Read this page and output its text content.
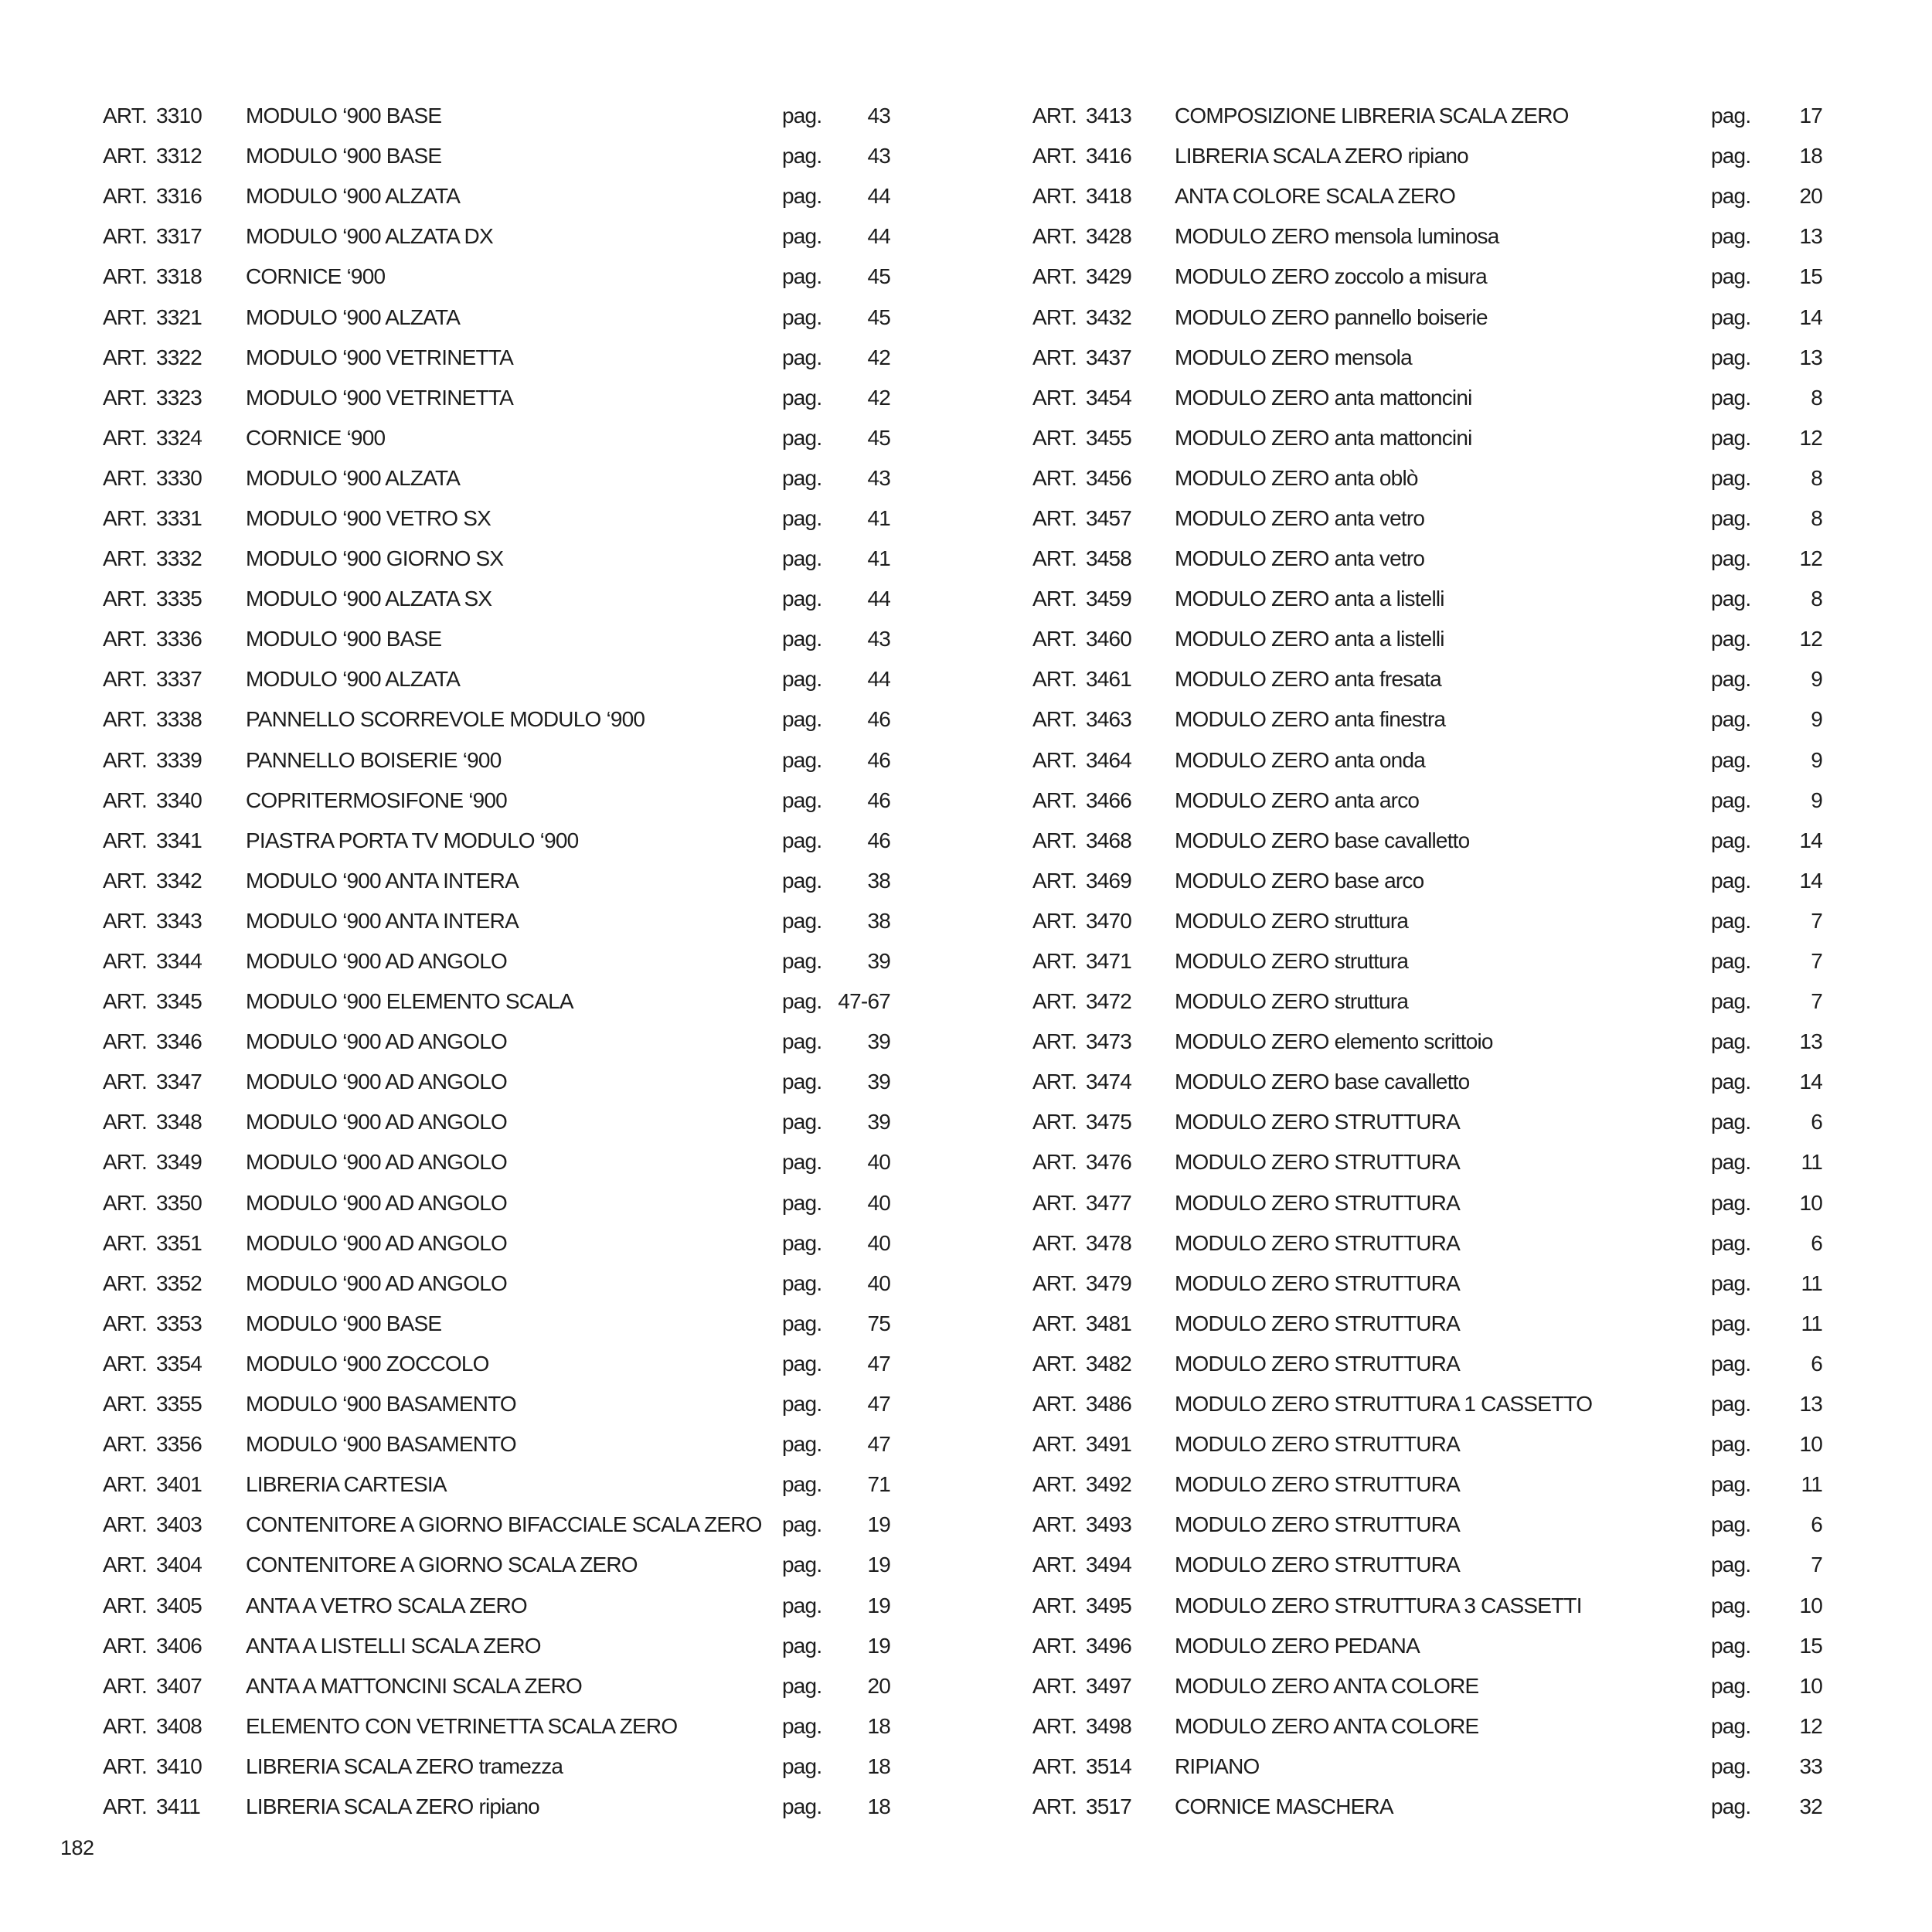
ART. 3310	MODULO ‘900 BASE	pag.	43
ART. 3312	MODULO ‘900 BASE	pag.	43
ART. 3316	MODULO ‘900 ALZATA	pag.	44
ART. 3317	MODULO ‘900 ALZATA DX	pag.	44
ART. 3318	CORNICE ‘900	pag.	45
ART. 3321	MODULO ‘900 ALZATA	pag.	45
ART. 3322	MODULO ‘900 VETRINETTA	pag.	42
ART. 3323	MODULO ‘900 VETRINETTA	pag.	42
ART. 3324	CORNICE ‘900	pag.	45
ART. 3330	MODULO ‘900 ALZATA	pag.	43
ART. 3331	MODULO ‘900 VETRO SX	pag.	41
ART. 3332	MODULO ‘900 GIORNO SX	pag.	41
ART. 3335	MODULO ‘900 ALZATA SX	pag.	44
ART. 3336	MODULO ‘900 BASE	pag.	43
ART. 3337	MODULO ‘900 ALZATA	pag.	44
ART. 3338	PANNELLO SCORREVOLE MODULO ‘900	pag.	46
ART. 3339	PANNELLO BOISERIE ‘900	pag.	46
ART. 3340	COPRITERMOSIFONE ‘900	pag.	46
ART. 3341	PIASTRA PORTA TV MODULO ‘900	pag.	46
ART. 3342	MODULO ‘900 ANTA INTERA	pag.	38
ART. 3343	MODULO ‘900 ANTA INTERA	pag.	38
ART. 3344	MODULO ‘900 AD ANGOLO	pag.	39
ART. 3345	MODULO ‘900 ELEMENTO SCALA	pag. 47-67
ART. 3346	MODULO ‘900 AD ANGOLO	pag.	39
ART. 3347	MODULO ‘900 AD ANGOLO	pag.	39
ART. 3348	MODULO ‘900 AD ANGOLO	pag.	39
ART. 3349	MODULO ‘900 AD ANGOLO	pag.	40
ART. 3350	MODULO ‘900 AD ANGOLO	pag.	40
ART. 3351	MODULO ‘900 AD ANGOLO	pag.	40
ART. 3352	MODULO ‘900 AD ANGOLO	pag.	40
ART. 3353	MODULO ‘900 BASE	pag.	75
ART. 3354	MODULO ‘900 ZOCCOLO	pag.	47
ART. 3355	MODULO ‘900 BASAMENTO	pag.	47
ART. 3356	MODULO ‘900 BASAMENTO	pag.	47
ART. 3401	LIBRERIA CARTESIA	pag.	71
ART. 3403	CONTENITORE A GIORNO BIFACCIALE SCALA ZERO pag.	19
ART. 3404	CONTENITORE A GIORNO SCALA ZERO	pag.	19
ART. 3405	ANTA A VETRO SCALA ZERO	pag.	19
ART. 3406	ANTA A LISTELLI SCALA ZERO	pag.	19
ART. 3407	ANTA A MATTONCINI SCALA ZERO	pag.	20
ART. 3408	ELEMENTO CON VETRINETTA SCALA ZERO	pag.	18
ART. 3410	LIBRERIA SCALA ZERO tramezza	pag.	18
ART. 3411	LIBRERIA SCALA ZERO ripiano	pag.	18
ART. 3413	COMPOSIZIONE LIBRERIA SCALA ZERO	pag.	17
ART. 3416	LIBRERIA SCALA ZERO ripiano	pag.	18
ART. 3418	ANTA COLORE SCALA ZERO	pag.	20
ART. 3428	MODULO ZERO mensola luminosa	pag.	13
ART. 3429	MODULO ZERO zoccolo a misura	pag.	15
ART. 3432	MODULO ZERO pannello boiserie	pag.	14
ART. 3437	MODULO ZERO mensola	pag.	13
ART. 3454	MODULO ZERO anta mattoncini	pag.	8
ART. 3455	MODULO ZERO anta mattoncini	pag.	12
ART. 3456	MODULO ZERO anta oblò	pag.	8
ART. 3457	MODULO ZERO anta vetro	pag.	8
ART. 3458	MODULO ZERO anta vetro	pag.	12
ART. 3459	MODULO ZERO anta a listelli	pag.	8
ART. 3460	MODULO ZERO anta a listelli	pag.	12
ART. 3461	MODULO ZERO anta fresata	pag.	9
ART. 3463	MODULO ZERO anta finestra	pag.	9
ART. 3464	MODULO ZERO anta onda	pag.	9
ART. 3466	MODULO ZERO anta arco	pag.	9
ART. 3468	MODULO ZERO base cavalletto	pag.	14
ART. 3469	MODULO ZERO base arco	pag.	14
ART. 3470	MODULO ZERO struttura	pag.	7
ART. 3471	MODULO ZERO struttura	pag.	7
ART. 3472	MODULO ZERO struttura	pag.	7
ART. 3473	MODULO ZERO elemento scrittoio	pag.	13
ART. 3474	MODULO ZERO base cavalletto	pag.	14
ART. 3475	MODULO ZERO STRUTTURA	pag.	6
ART. 3476	MODULO ZERO STRUTTURA	pag.	11
ART. 3477	MODULO ZERO STRUTTURA	pag.	10
ART. 3478	MODULO ZERO STRUTTURA	pag.	6
ART. 3479	MODULO ZERO STRUTTURA	pag.	11
ART. 3481	MODULO ZERO STRUTTURA	pag.	11
ART. 3482	MODULO ZERO STRUTTURA	pag.	6
ART. 3486	MODULO ZERO STRUTTURA 1 CASSETTO	pag.	13
ART. 3491	MODULO ZERO STRUTTURA	pag.	10
ART. 3492	MODULO ZERO STRUTTURA	pag.	11
ART. 3493	MODULO ZERO STRUTTURA	pag.	6
ART. 3494	MODULO ZERO STRUTTURA	pag.	7
ART. 3495	MODULO ZERO STRUTTURA 3 CASSETTI	pag.	10
ART. 3496	MODULO ZERO PEDANA	pag.	15
ART. 3497	MODULO ZERO ANTA COLORE	pag.	10
ART. 3498	MODULO ZERO ANTA COLORE	pag.	12
ART. 3514	RIPIANO	pag.	33
ART. 3517	CORNICE MASCHERA	pag.	32
182
